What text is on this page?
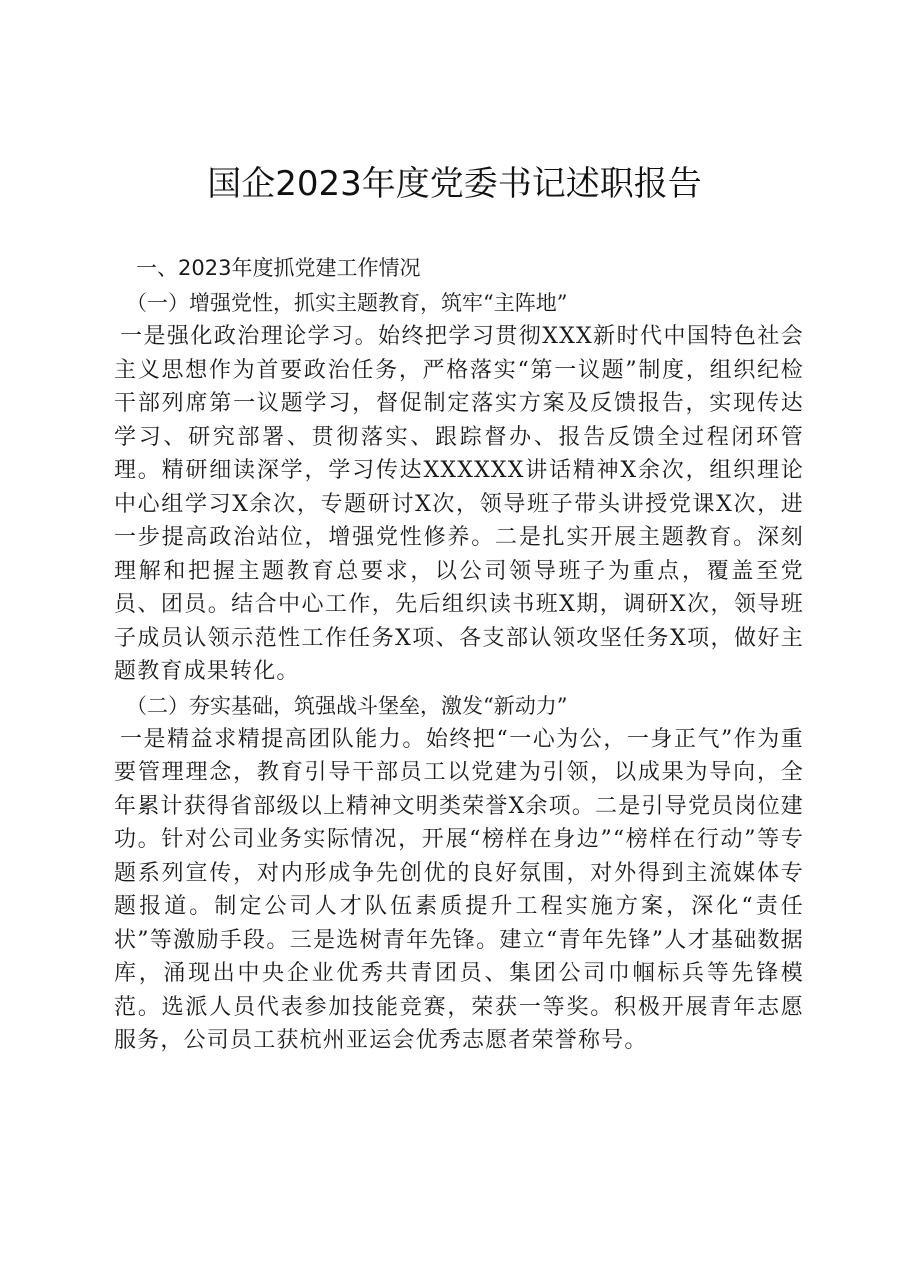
国企2023年度党委书记述职报告
一、2023年度抓党建工作情况
（一）增强党性，抓实主题教育，筑牢“主阵地”

一是强化政治理论学习。始终把学习贯彻XXX新时代中国特色社会主义思想作为首要政治任务，严格落实“第一议题”制度，组织纪检干部列席第一议题学习，督促制定落实方案及反馈报告，实现传达学习、研究部署、贯彻落实、跟踪督办、报告反馈全过程闭环管理。精研细读深学，学习传达XXXXXX讲话精神X余次，组织理论中心组学习X余次，专题研讨X次，领导班子带头讲授党课X次，进一步提高政治站位，增强党性修养。二是扎实开展主题教育。深刻理解和把握主题教育总要求，以公司领导班子为重点，覆盖至党员、团员。结合中心工作，先后组织读书班X期，调研X次，领导班子成员认领示范性工作任务X项、各支部认领攻坚任务X项，做好主题教育成果转化。

（二）夯实基础，筑强战斗堡垒，激发“新动力”

一是精益求精提高团队能力。始终把“一心为公，一身正气”作为重要管理理念，教育引导干部员工以党建为引领，以成果为导向，全年累计获得省部级以上精神文明类荣誉X余项。二是引导党员岗位建功。针对公司业务实际情况，开展“榜样在身边”“榜样在行动”等专题系列宣传，对内形成争先创优的良好氛围，对外得到主流媒体专题报道。制定公司人才队伍素质提升工程实施方案，深化“责任状”等激励手段。三是选树青年先锋。建立“青年先锋”人才基础数据库，涌现出中央企业优秀共青团员、集团公司巾帼标兵等先锋模范。选派人员代表参加技能竞赛，荣获一等奖。积极开展青年志愿服务，公司员工获杭州亚运会优秀志愿者荣誉称号。
